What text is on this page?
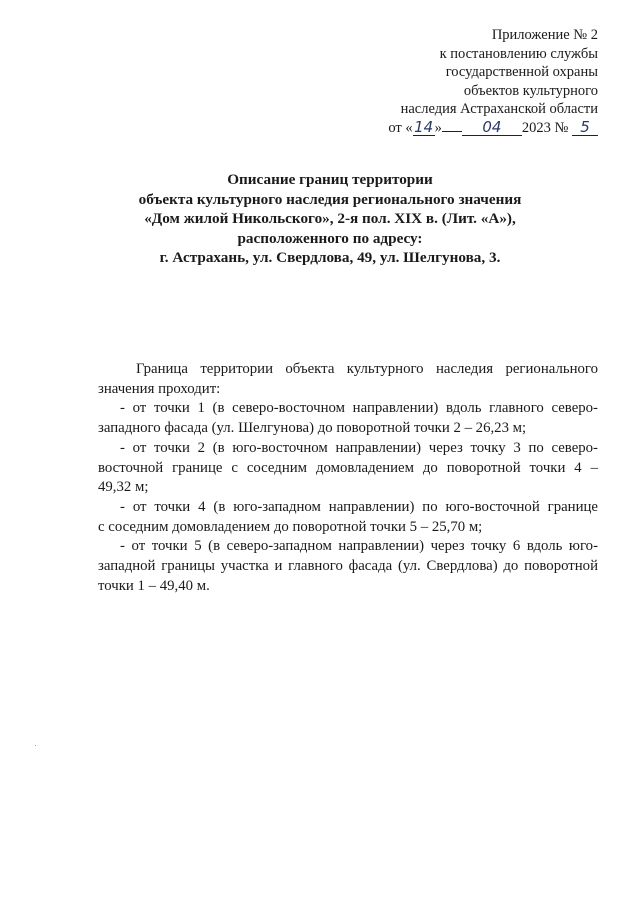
Приложение № 2
к постановлению службы
государственной охраны
объектов культурного
наследия Астраханской области
от «14»	04 2023 № 5
Описание границ территории
объекта культурного наследия регионального значения
«Дом жилой Никольского», 2-я пол. XIX в. (Лит. «А»),
расположенного по адресу:
г. Астрахань, ул. Свердлова, 49, ул. Шелгунова, 3.
Граница территории объекта культурного наследия регионального
значения проходит:
- от точки 1 (в северо-восточном направлении) вдоль главного северо-
западного фасада (ул. Шелгунова) до поворотной точки 2 – 26,23 м;
- от точки 2 (в юго-восточном направлении) через точку 3 по северо-
восточной границе с соседним домовладением до поворотной точки 4 –
49,32 м;
- от точки 4 (в юго-западном направлении) по юго-восточной границе
с соседним домовладением до поворотной точки 5 – 25,70 м;
- от точки 5 (в северо-западном направлении) через точку 6 вдоль юго-
западной границы участка и главного фасада (ул. Свердлова) до поворотной
точки 1 – 49,40 м.
